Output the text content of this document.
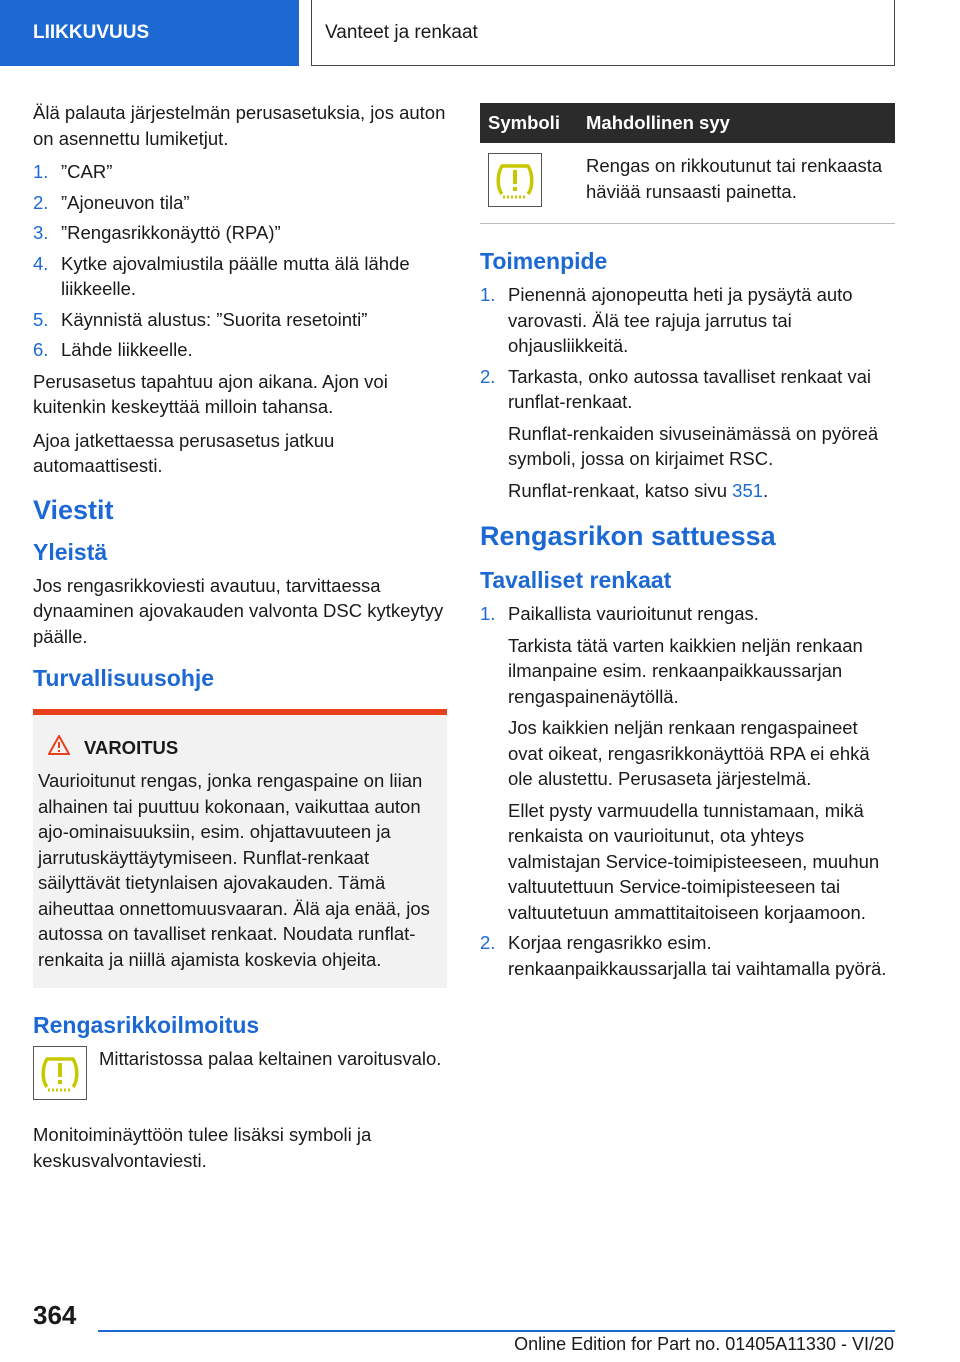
LIIKKUVUUS	Vanteet ja renkaat

Älä palauta järjestelmän perusasetuksia, jos auton on asennettu lumiketjut.

1. ”CAR”
2. ”Ajoneuvon tila”
3. ”Rengasrikkonäyttö (RPA)”
4. Kytke ajovalmiustila päälle mutta älä lähde liikkeelle.
5. Käynnistä alustus: ”Suorita resetointi”
6. Lähde liikkeelle.

Perusasetus tapahtuu ajon aikana. Ajon voi kuitenkin keskeyttää milloin tahansa.

Ajoa jatkettaessa perusasetus jatkuu automaattisesti.

Viestit
Yleistä

Jos rengasrikkoviesti avautuu, tarvittaessa dynaaminen ajovakauden valvonta DSC kytkeytyy päälle.

Turvallisuusohje
VAROITUS

Vaurioitunut rengas, jonka rengaspaine on liian alhainen tai puuttuu kokonaan, vaikuttaa auton ajo-ominaisuuksiin, esim. ohjattavuuteen ja jarrutuskäyttäytymiseen. Runflat-renkaat säilyttävät tietynlaisen ajovakauden. Tämä aiheuttaa onnettomuusvaaran. Älä aja enää, jos autossa on tavalliset renkaat. Noudata runflat-renkaita ja niillä ajamista koskevia ohjeita.

Rengasrikkoilmoitus
Mittaristossa palaa keltainen varoitusvalo.

Monitoiminäyttöön tulee lisäksi symboli ja keskusvalvontaviesti.

Symboli	Mahdollinen syy

	Rengas on rikkoutunut tai renkaasta häviää runsaasti painetta.
Toimenpide
1. Pienennä ajonopeutta heti ja pysäytä auto varovasti. Älä tee rajuja jarrutus tai ohjausliikkeitä.
2. Tarkasta, onko autossa tavalliset renkaat vai runflat-renkaat.
Runflat-renkaiden sivuseinämässä on pyöreä symboli, jossa on kirjaimet RSC.
Runflat-renkaat, katso sivu 351.
Rengasrikon sattuessa
Tavalliset renkaat
1. Paikallista vaurioitunut rengas.
Tarkista tätä varten kaikkien neljän renkaan ilmanpaine esim. renkaanpaikkaussarjan rengaspainenäytöllä.
Jos kaikkien neljän renkaan rengaspaineet ovat oikeat, rengasrikkonäyttöä RPA ei ehkä ole alustettu. Perusaseta järjestelmä.
Ellet pysty varmuudella tunnistamaan, mikä renkaista on vaurioitunut, ota yhteys valmistajan Service-toimipisteeseen, muuhun valtuutettuun Service-toimipisteeseen tai valtuutetuun ammattitaitoiseen korjaamoon.
2. Korjaa rengasrikko esim. renkaanpaikkaussarjalla tai vaihtamalla pyörä.
364
Online Edition for Part no. 01405A11330 - VI/20
